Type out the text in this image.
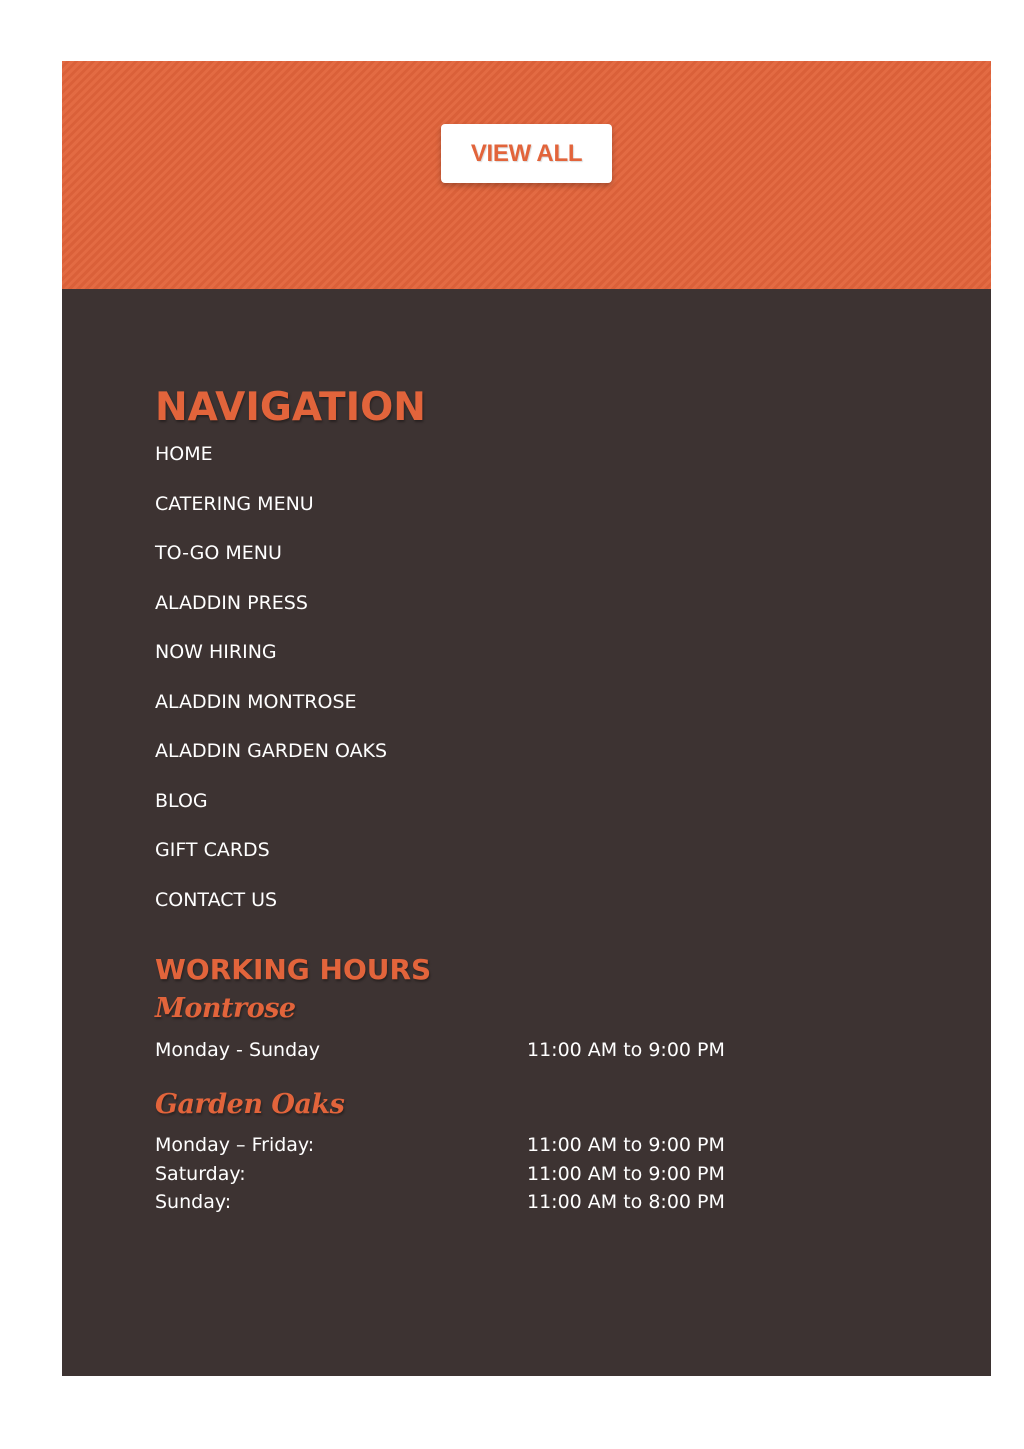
VIEW ALL
NAVIGATION
HOME
CATERING MENU
TO-GO MENU
ALADDIN PRESS
NOW HIRING
ALADDIN MONTROSE
ALADDIN GARDEN OAKS
BLOG
GIFT CARDS
CONTACT US
WORKING HOURS
Montrose
Monday - Sunday	11:00 AM to 9:00 PM
Garden Oaks
Monday – Friday:	11:00 AM to 9:00 PM
Saturday:	11:00 AM to 9:00 PM
Sunday:	11:00 AM to 8:00 PM
